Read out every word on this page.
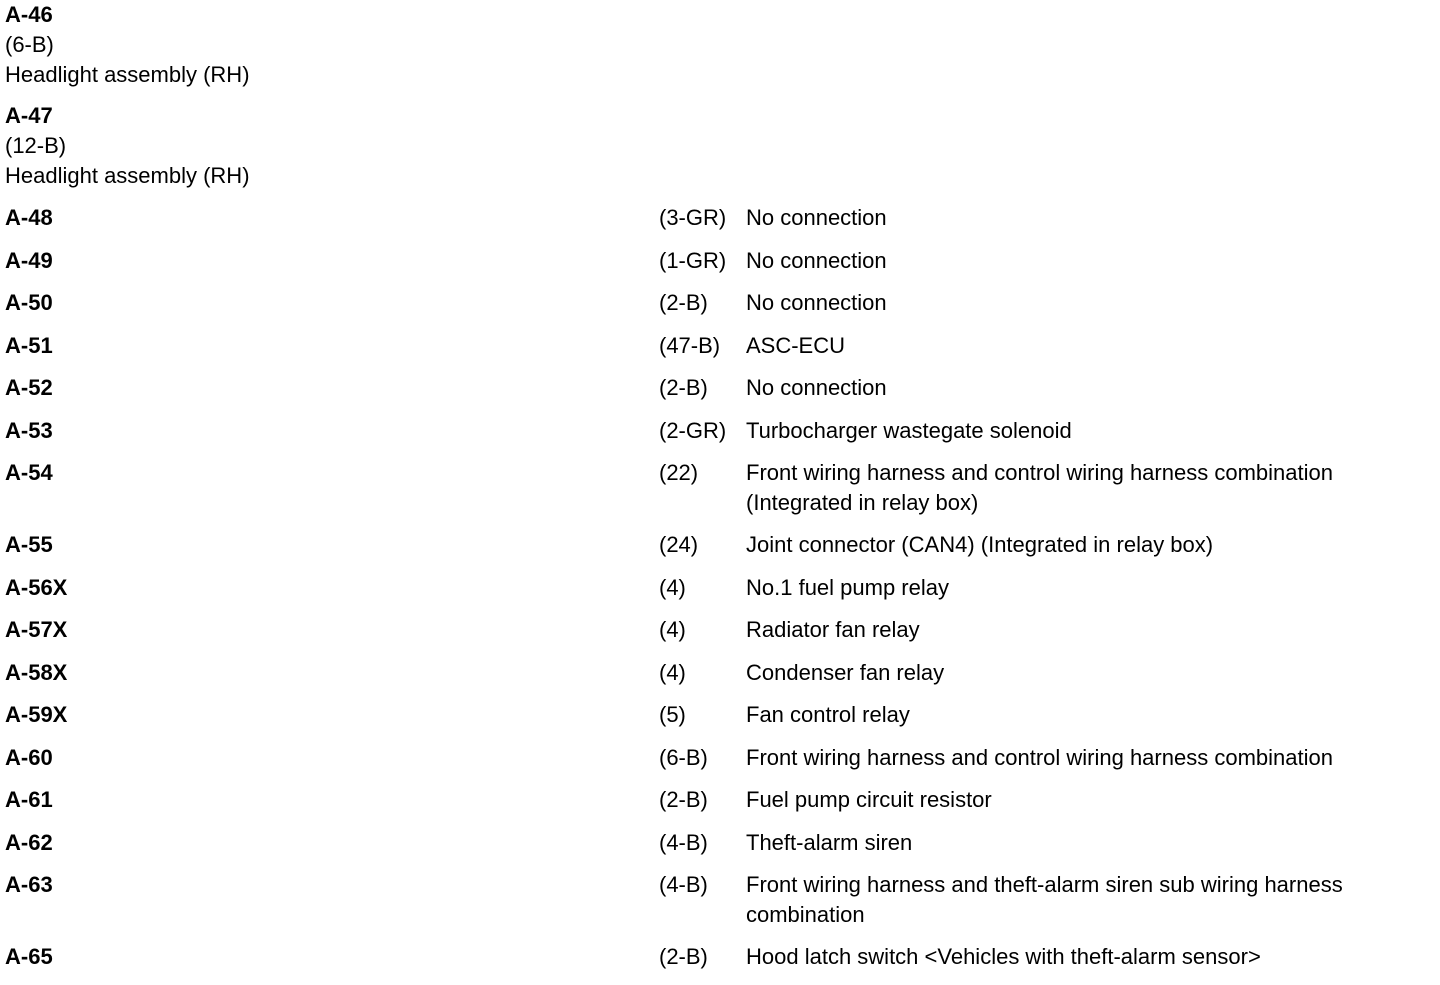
A-46
(6-B)
Headlight assembly (RH)
A-47
(12-B)
Headlight assembly (RH)
A-48	(3-GR) No connection
A-49	(1-GR) No connection
A-50	(2-B) No connection
A-51	(47-B) ASC-ECU
A-52	(2-B) No connection
A-53	(2-GR) Turbocharger wastegate solenoid
A-54	(22) Front wiring harness and control wiring harness combination
(Integrated in relay box)
A-55	(24) Joint connector (CAN4) (Integrated in relay box)
A-56X	(4)	No.1 fuel pump relay
A-57X	(4)	Radiator fan relay
A-58X	(4)	Condenser fan relay
A-59X	(5)	Fan control relay
A-60	(6-B) Front wiring harness and control wiring harness combination
A-61	(2-B) Fuel pump circuit resistor
A-62	(4-B) Theft-alarm siren
A-63	(4-B) Front wiring harness and theft-alarm siren sub wiring harness
combination
A-65	(2-B) Hood latch switch <Vehicles with theft-alarm sensor>
